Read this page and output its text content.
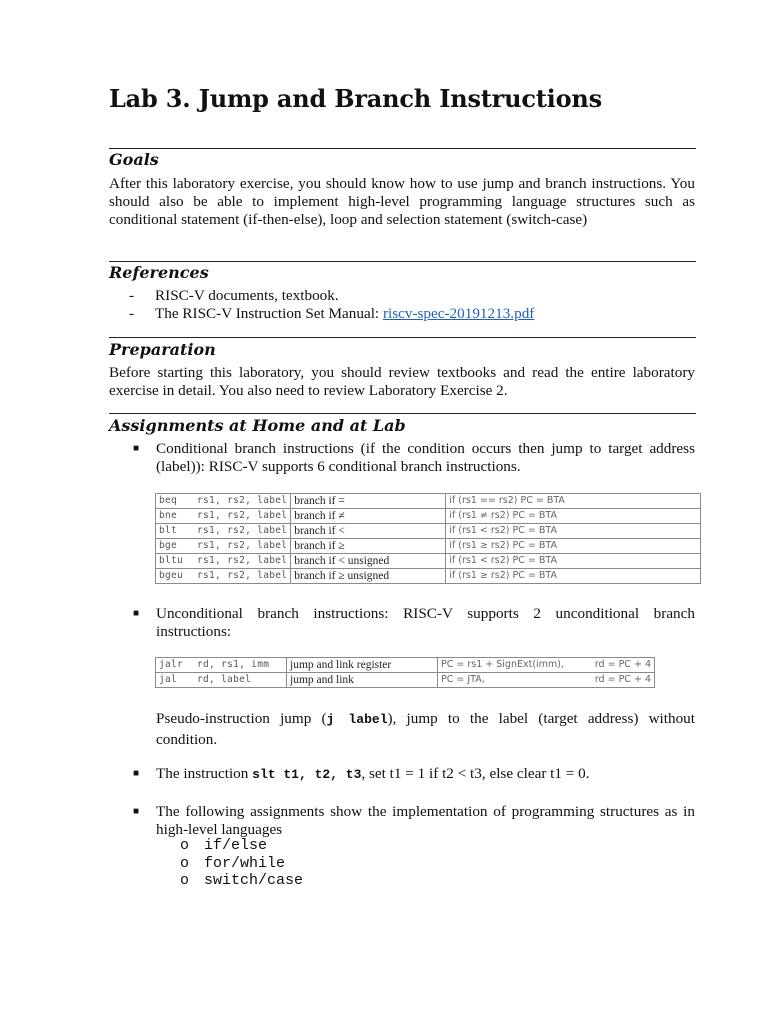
Lab 3. Jump and Branch Instructions
Goals
After this laboratory exercise, you should know how to use jump and branch instructions. You should also be able to implement high-level programming language structures such as conditional statement (if-then-else), loop and selection statement (switch-case)
References
- RISC-V documents, textbook.
- The RISC-V Instruction Set Manual: riscv-spec-20191213.pdf
Preparation
Before starting this laboratory, you should review textbooks and read the entire laboratory exercise in detail. You also need to review Laboratory Exercise 2.
Assignments at Home and at Lab
■ Conditional branch instructions (if the condition occurs then jump to target address (label)): RISC-V supports 6 conditional branch instructions.
beq rs1, rs2, label	branch if =	if (rs1 == rs2) PC = BTA
bne rs1, rs2, label	branch if ≠	if (rs1 ≠ rs2) PC = BTA
blt rs1, rs2, label	branch if <	if (rs1 < rs2) PC = BTA
bge rs1, rs2, label	branch if ≥	if (rs1 ≥ rs2) PC = BTA
bltu rs1, rs2, label	branch if < unsigned	if (rs1 < rs2) PC = BTA
bgeu rs1, rs2, label	branch if ≥ unsigned	if (rs1 ≥ rs2) PC = BTA
■ Unconditional branch instructions: RISC-V supports 2 unconditional branch instructions:
jalr rd, rs1, imm	jump and link register	PC = rs1 + SignExt(imm), rd = PC + 4

jal rd, label	jump and link	PC = JTA, rd = PC + 4
Pseudo-instruction jump (j label), jump to the label (target address) without condition.
■ The instruction slt t1, t2, t3, set t1 = 1 if t2 < t3, else clear t1 = 0.
■ The following assignments show the implementation of programming structures as in high-level languages
o if/else
o for/while
o switch/case
